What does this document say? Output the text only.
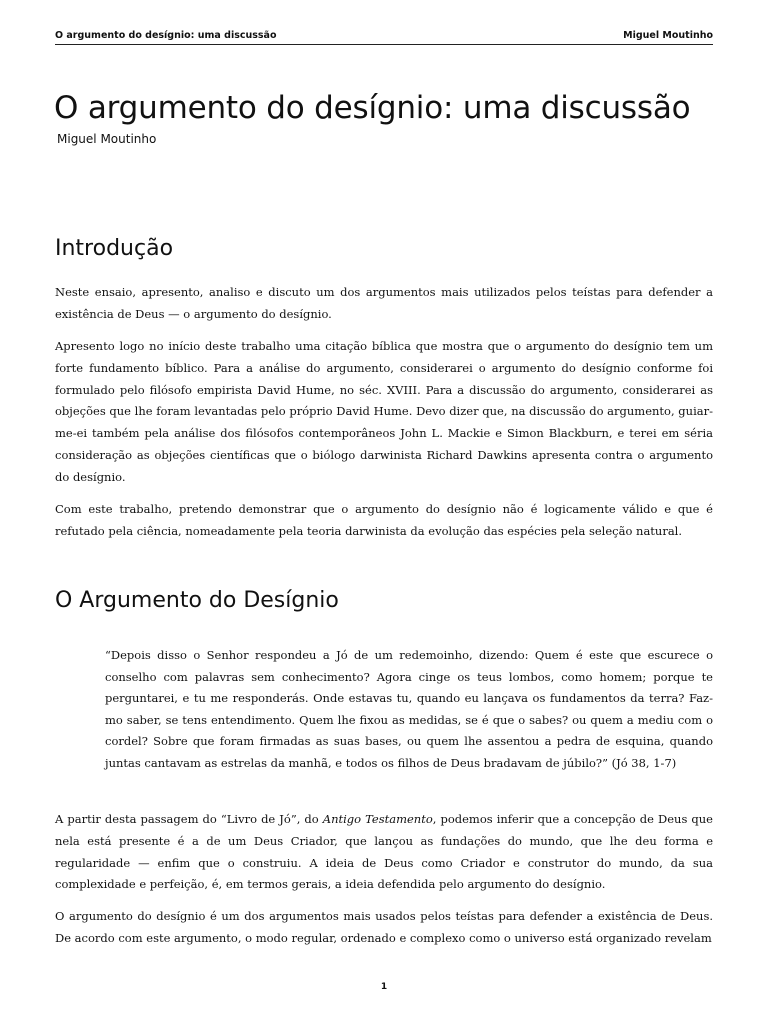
O argumento do desígnio: uma discussão	Miguel Moutinho
O argumento do desígnio: uma discussão
Miguel Moutinho
Introdução

Neste ensaio, apresento, analiso e discuto um dos argumentos mais utilizados pelos teístas para defender a existência de Deus — o argumento do desígnio.

Apresento logo no início deste trabalho uma citação bíblica que mostra que o argumento do desígnio tem um forte fundamento bíblico. Para a análise do argumento, considerarei o argumento do desígnio conforme foi formulado pelo filósofo empirista David Hume, no séc. XVIII. Para a discussão do argumento, considerarei as objeções que lhe foram levantadas pelo próprio David Hume. Devo dizer que, na discussão do argumento, guiar-me-ei também pela análise dos filósofos contemporâneos John L. Mackie e Simon Blackburn, e terei em séria consideração as objeções científicas que o biólogo darwinista Richard Dawkins apresenta contra o argumento do desígnio.

Com este trabalho, pretendo demonstrar que o argumento do desígnio não é logicamente válido e que é refutado pela ciência, nomeadamente pela teoria darwinista da evolução das espécies pela seleção natural.

O Argumento do Desígnio

“Depois disso o Senhor respondeu a Jó de um redemoinho, dizendo: Quem é este que escurece o conselho com palavras sem conhecimento? Agora cinge os teus lombos, como homem; porque te perguntarei, e tu me responderás. Onde estavas tu, quando eu lançava os fundamentos da terra? Faz-mo saber, se tens entendimento. Quem lhe fixou as medidas, se é que o sabes? ou quem a mediu com o cordel? Sobre que foram firmadas as suas bases, ou quem lhe assentou a pedra de esquina, quando juntas cantavam as estrelas da manhã, e todos os filhos de Deus bradavam de júbilo?” (Jó 38, 1-7)

A partir desta passagem do “Livro de Jó”, do Antigo Testamento, podemos inferir que a concepção de Deus que nela está presente é a de um Deus Criador, que lançou as fundações do mundo, que lhe deu forma e regularidade — enfim que o construiu. A ideia de Deus como Criador e construtor do mundo, da sua complexidade e perfeição, é, em termos gerais, a ideia defendida pelo argumento do desígnio.

O argumento do desígnio é um dos argumentos mais usados pelos teístas para defender a existência de Deus. De acordo com este argumento, o modo regular, ordenado e complexo como o universo está organizado revelam

1
